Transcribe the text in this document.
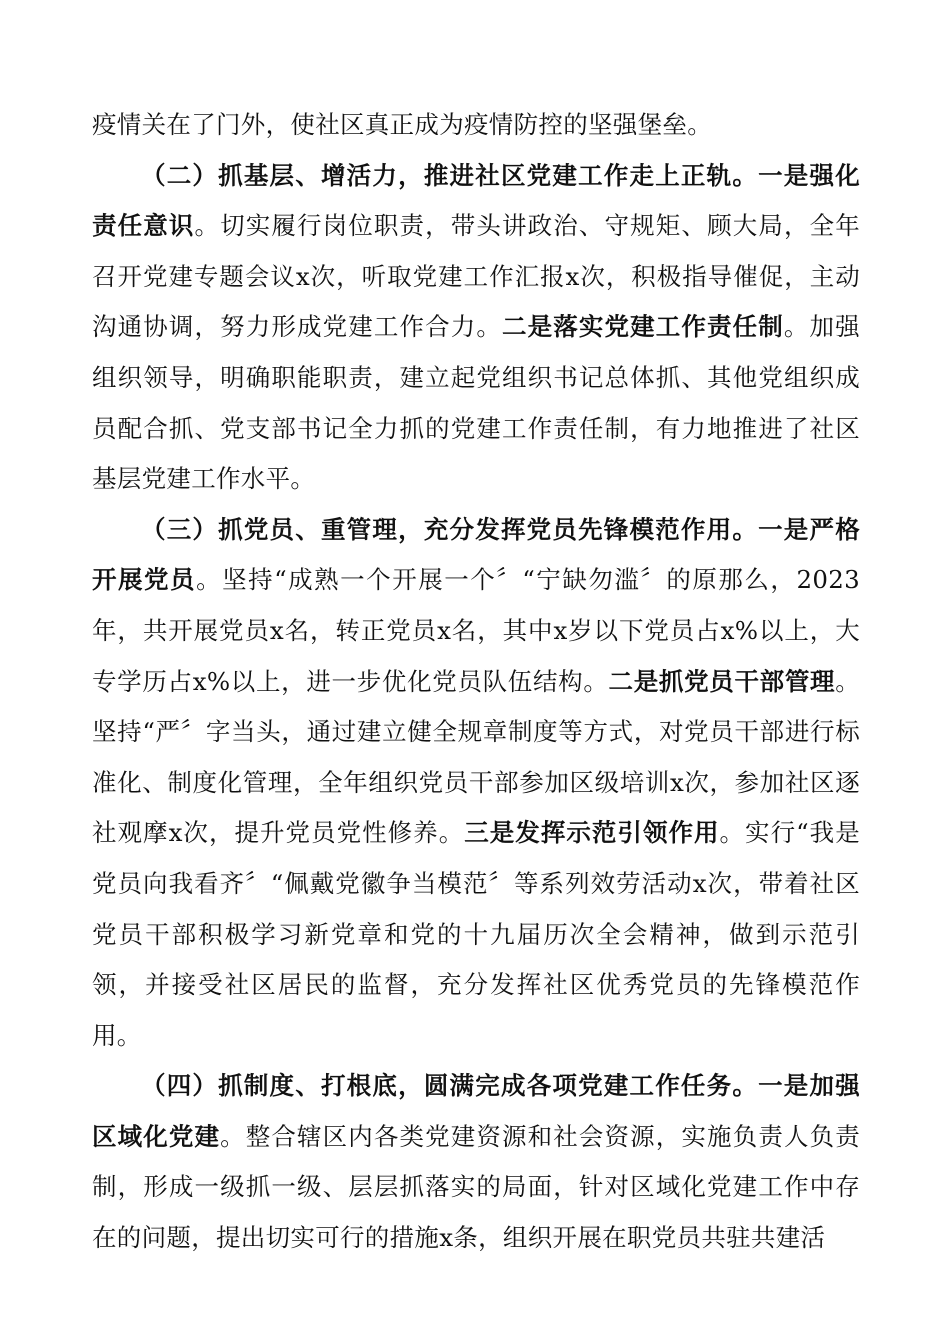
疫情关在了门外，使社区真正成为疫情防控的坚强堡垒。

（二）抓基层、增活力，推进社区党建工作走上正轨。一是强化责任意识。切实履行岗位职责，带头讲政治、守规矩、顾大局，全年召开党建专题会议x次，听取党建工作汇报x次，积极指导催促，主动沟通协调，努力形成党建工作合力。二是落实党建工作责任制。加强组织领导，明确职能职责，建立起党组织书记总体抓、其他党组织成员配合抓、党支部书记全力抓的党建工作责任制，有力地推进了社区基层党建工作水平。

（三）抓党员、重管理，充分发挥党员先锋模范作用。一是严格开展党员。坚持“成熟一个开展一个〞“宁缺勿滥〞的原那么，2023年，共开展党员x名，转正党员x名，其中x岁以下党员占x%以上，大专学历占x%以上，进一步优化党员队伍结构。二是抓党员干部管理。坚持“严〞字当头，通过建立健全规章制度等方式，对党员干部进行标准化、制度化管理，全年组织党员干部参加区级培训x次，参加社区逐社观摩x次，提升党员党性修养。三是发挥示范引领作用。实行“我是党员向我看齐〞“佩戴党徽争当模范〞等系列效劳活动x次，带着社区党员干部积极学习新党章和党的十九届历次全会精神，做到示范引领，并接受社区居民的监督，充分发挥社区优秀党员的先锋模范作用。

（四）抓制度、打根底，圆满完成各项党建工作任务。一是加强区域化党建。整合辖区内各类党建资源和社会资源，实施负责人负责制，形成一级抓一级、层层抓落实的局面，针对区域化党建工作中存在的问题，提出切实可行的措施x条，组织开展在职党员共驻共建活
